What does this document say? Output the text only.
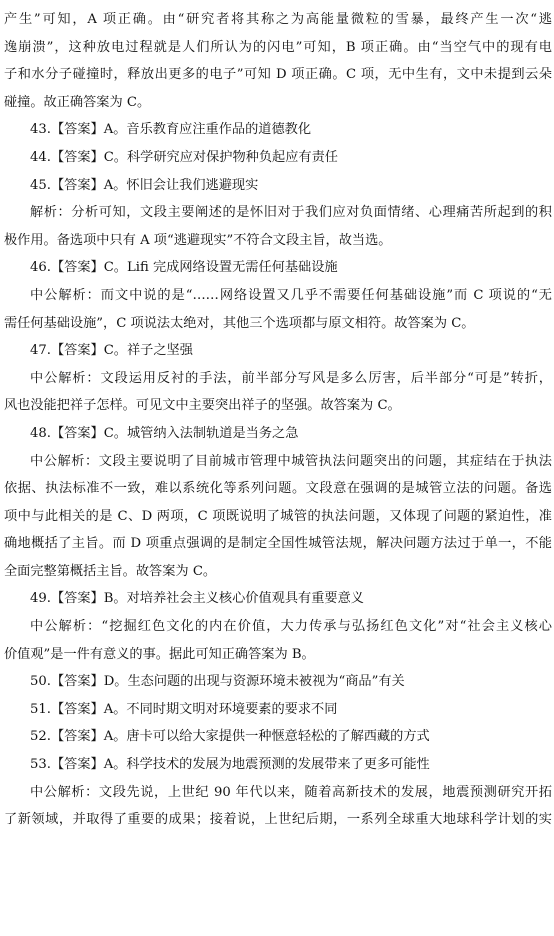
产生”可知，A 项正确。由“研究者将其称之为高能量微粒的雪暴，最终产生一次“逃
逸崩溃”，这种放电过程就是人们所认为的闪电”可知，B 项正确。由“当空气中的现有电
子和水分子碰撞时，释放出更多的电子”可知 D 项正确。C 项，无中生有，文中未提到云朵
碰撞。故正确答案为 C。
43.【答案】A。音乐教育应注重作品的道德教化
44.【答案】C。科学研究应对保护物种负起应有责任
45.【答案】A。怀旧会让我们逃避现实
解析：分析可知，文段主要阐述的是怀旧对于我们应对负面情绪、心理痛苦所起到的积
极作用。备选项中只有 A 项“逃避现实”不符合文段主旨，故当选。
46.【答案】C。Lifi 完成网络设置无需任何基础设施
中公解析：而文中说的是“……网络设置又几乎不需要任何基础设施”而 C 项说的“无
需任何基础设施”，C 项说法太绝对，其他三个选项都与原文相符。故答案为 C。
47.【答案】C。祥子之坚强
中公解析：文段运用反衬的手法，前半部分写风是多么厉害，后半部分“可是”转折，
风也没能把祥子怎样。可见文中主要突出祥子的坚强。故答案为 C。
48.【答案】C。城管纳入法制轨道是当务之急
中公解析：文段主要说明了目前城市管理中城管执法问题突出的问题，其症结在于执法
依据、执法标准不一致，难以系统化等系列问题。文段意在强调的是城管立法的问题。备选
项中与此相关的是 C、D 两项，C 项既说明了城管的执法问题，又体现了问题的紧迫性，准
确地概括了主旨。而 D 项重点强调的是制定全国性城管法规，解决问题方法过于单一，不能
全面完整第概括主旨。故答案为 C。
49.【答案】B。对培养社会主义核心价值观具有重要意义
中公解析：“挖掘红色文化的内在价值，大力传承与弘扬红色文化”对“社会主义核心
价值观”是一件有意义的事。据此可知正确答案为 B。
50.【答案】D。生态问题的出现与资源环境未被视为“商品”有关
51.【答案】A。不同时期文明对环境要素的要求不同
52.【答案】A。唐卡可以给大家提供一种惬意轻松的了解西藏的方式
53.【答案】A。科学技术的发展为地震预测的发展带来了更多可能性
中公解析：文段先说，上世纪 90 年代以来，随着高新技术的发展，地震预测研究开拓
了新领域，并取得了重要的成果；接着说，上世纪后期，一系列全球重大地球科学计划的实
